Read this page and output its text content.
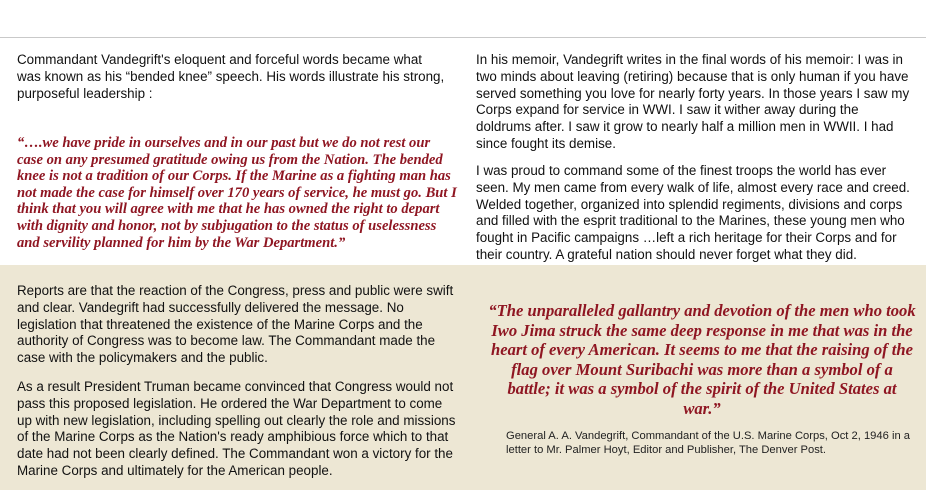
Commandant Vandegrift's eloquent and forceful words became what was known as his “bended knee” speech. His words illustrate his strong, purposeful leadership :

“….we have pride in ourselves and in our past but we do not rest our case on any presumed gratitude owing us from the Nation. The bended knee is not a tradition of our Corps. If the Marine as a fighting man has not made the case for himself over 170 years of service, he must go. But I think that you will agree with me that he has owned the right to depart with dignity and honor, not by subjugation to the status of uselessness and servility planned for him by the War Department.”

In his memoir, Vandegrift writes in the final words of his memoir: I was in two minds about leaving (retiring) because that is only human if you have served something you love for nearly forty years. In those years I saw my Corps expand for service in WWI. I saw it wither away during the doldrums after. I saw it grow to nearly half a million men in WWII. I had since fought its demise.

I was proud to command some of the finest troops the world has ever seen. My men came from every walk of life, almost every race and creed. Welded together, organized into splendid regiments, divisions and corps and filled with the esprit traditional to the Marines, these young men who fought in Pacific campaigns …left a rich heritage for their Corps and for their country. A grateful nation should never forget what they did.

Reports are that the reaction of the Congress, press and public were swift and clear. Vandegrift had successfully delivered the message. No legislation that threatened the existence of the Marine Corps and the authority of Congress was to become law. The Commandant made the case with the policymakers and the public.

As a result President Truman became convinced that Congress would not pass this proposed legislation. He ordered the War Department to come up with new legislation, including spelling out clearly the role and missions of the Marine Corps as the Nation's ready amphibious force which to that date had not been clearly defined. The Commandant won a victory for the Marine Corps and ultimately for the American people.

“The unparalleled gallantry and devotion of the men who took Iwo Jima struck the same deep response in me that was in the heart of every American. It seems to me that the raising of the flag over Mount Suribachi was more than a symbol of a battle; it was a symbol of the spirit of the United States at war.”

General A. A. Vandegrift, Commandant of the U.S. Marine Corps, Oct 2, 1946 in a letter to Mr. Palmer Hoyt, Editor and Publisher, The Denver Post.
